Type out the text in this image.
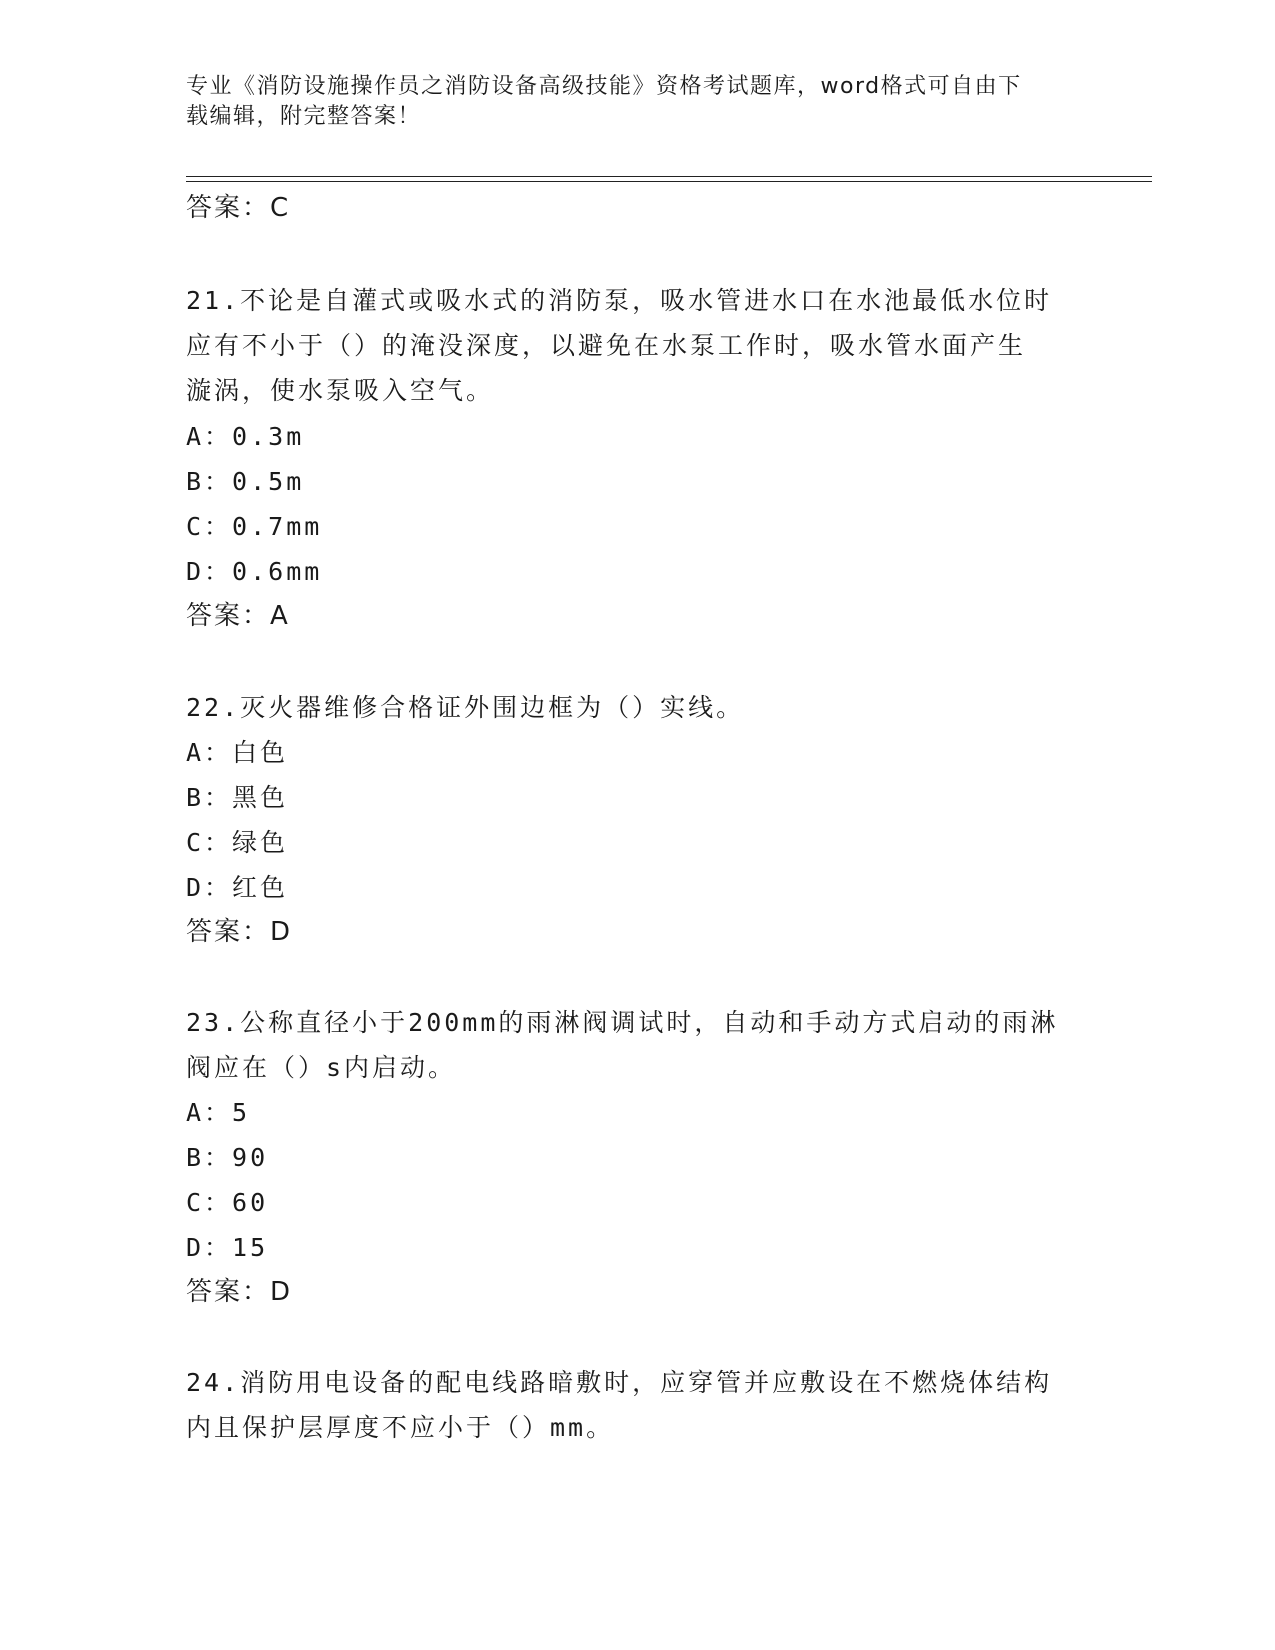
专业《消防设施操作员之消防设备高级技能》资格考试题库，word格式可自由下
载编辑，附完整答案！
答案：C
21.不论是自灌式或吸水式的消防泵，吸水管进水口在水池最低水位时
应有不小于（）的淹没深度，以避免在水泵工作时，吸水管水面产生
漩涡，使水泵吸入空气。
A：0.3m
B：0.5m
C：0.7mm
D：0.6mm
答案：A
22.灭火器维修合格证外围边框为（）实线。
A：白色
B：黑色
C：绿色
D：红色
答案：D
23.公称直径小于200mm的雨淋阀调试时，自动和手动方式启动的雨淋
阀应在（）s内启动。
A：5
B：90
C：60
D：15
答案：D
24.消防用电设备的配电线路暗敷时，应穿管并应敷设在不燃烧体结构
内且保护层厚度不应小于（）mm。
